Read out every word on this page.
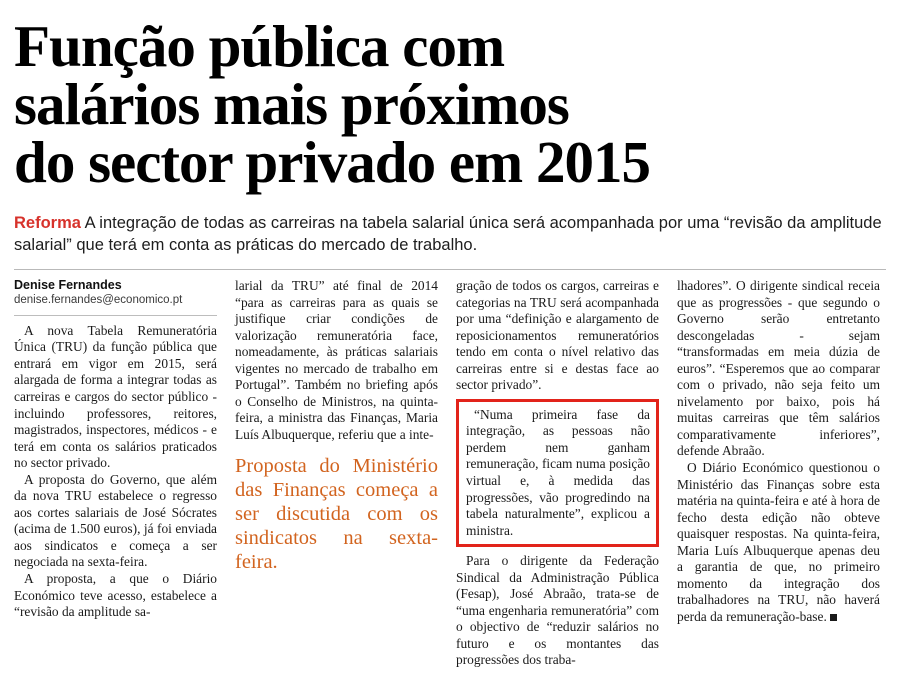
Função pública com
salários mais próximos
do sector privado em 2015
Reforma A integração de todas as carreiras na tabela salarial única será acompanhada por uma “revisão da amplitude salarial” que terá em conta as práticas do mercado de trabalho.
Denise Fernandes
denise.fernandes@economico.pt

A nova Tabela Remuneratória Única (TRU) da função pública que entrará em vigor em 2015, será alargada de forma a integrar todas as carreiras e cargos do sector público - incluindo professores, reitores, magistrados, inspectores, médicos - e terá em conta os salários praticados no sector privado.

A proposta do Governo, que além da nova TRU estabelece o regresso aos cortes salariais de José Sócrates (acima de 1.500 euros), já foi enviada aos sindicatos e começa a ser negociada na sexta-feira.

A proposta, a que o Diário Económico teve acesso, estabelece a “revisão da amplitude sa-

larial da TRU” até final de 2014 “para as carreiras para as quais se justifique criar condições de valorização remuneratória face, nomeadamente, às práticas salariais vigentes no mercado de trabalho em Portugal”. Também no briefing após o Conselho de Ministros, na quinta-feira, a ministra das Finanças, Maria Luís Albuquerque, referiu que a inte-

Proposta do Ministério das Finanças começa a ser discutida com os sindicatos na sexta-feira.

gração de todos os cargos, carreiras e categorias na TRU será acompanhada por uma “definição e alargamento de reposicionamentos remuneratórios tendo em conta o nível relativo das carreiras entre si e destas face ao sector privado”.

“Numa primeira fase da integração, as pessoas não perdem nem ganham remuneração, ficam numa posição virtual e, à medida das progressões, vão progredindo na tabela naturalmente”, explicou a ministra.

Para o dirigente da Federação Sindical da Administração Pública (Fesap), José Abraão, trata-se de “uma engenharia remuneratória” com o objectivo de “reduzir salários no futuro e os montantes das progressões dos traba-

lhadores”. O dirigente sindical receia que as progressões - que segundo o Governo serão entretanto descongeladas - sejam “transformadas em meia dúzia de euros”. “Esperemos que ao comparar com o privado, não seja feito um nivelamento por baixo, pois há muitas carreiras que têm salários comparativamente inferiores”, defende Abraão.

O Diário Económico questionou o Ministério das Finanças sobre esta matéria na quinta-feira e até à hora de fecho desta edição não obteve quaisquer respostas. Na quinta-feira, Maria Luís Albuquerque apenas deu a garantia de que, no primeiro momento da integração dos trabalhadores na TRU, não haverá perda da remuneração-base.
